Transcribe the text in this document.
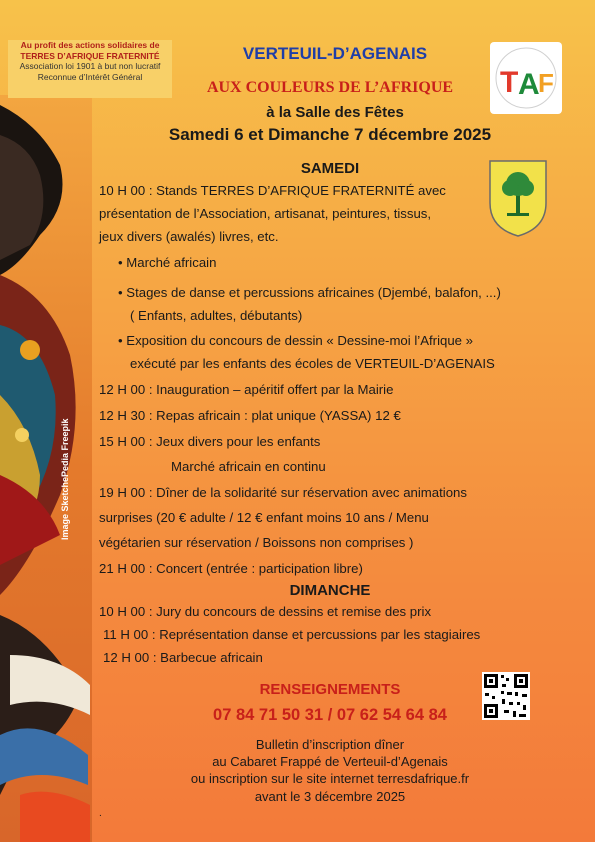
Image SketchePedia Freepik
Au profit des actions solidaires de
TERRES D’AFRIQUE FRATERNITÉ
Association loi 1901 à but non lucratif
Reconnue d’Intérêt Général	T A
F
VERTEUIL-D’AGENAIS
AUX COULEURS DE L’AFRIQUE
à la Salle des Fêtes
Samedi 6 et Dimanche 7 décembre 2025
SAMEDI
10 H 00 : Stands TERRES D’AFRIQUE FRATERNITÉ avec
présentation de l’Association, artisanat, peintures, tissus,
jeux divers (awalés) livres, etc.
• Marché africain
• Stages de danse et percussions africaines (Djembé, balafon, ...)
( Enfants, adultes, débutants)
• Exposition du concours de dessin « Dessine-moi l’Afrique »
exécuté par les enfants des écoles de VERTEUIL-D’AGENAIS
12 H 00 : Inauguration – apéritif offert par la Mairie
12 H 30 : Repas africain : plat unique (YASSA) 12 €
15 H 00 : Jeux divers pour les enfants
Marché africain en continu
19 H 00 : Dîner de la solidarité sur réservation avec animations
surprises (20 € adulte / 12 € enfant moins 10 ans / Menu
végétarien sur réservation / Boissons non comprises )
21 H 00 : Concert (entrée : participation libre)
DIMANCHE
10 H 00 : Jury du concours de dessins et remise des prix
11 H 00 : Représentation danse et percussions par les stagiaires
12 H 00 : Barbecue africain
RENSEIGNEMENTS
07 84 71 50 31 / 07 62 54 64 84
Bulletin d’inscription dîner
au Cabaret Frappé de Verteuil-d’Agenais
ou inscription sur le site internet terresdafrique.fr
avant le 3 décembre 2025
.
